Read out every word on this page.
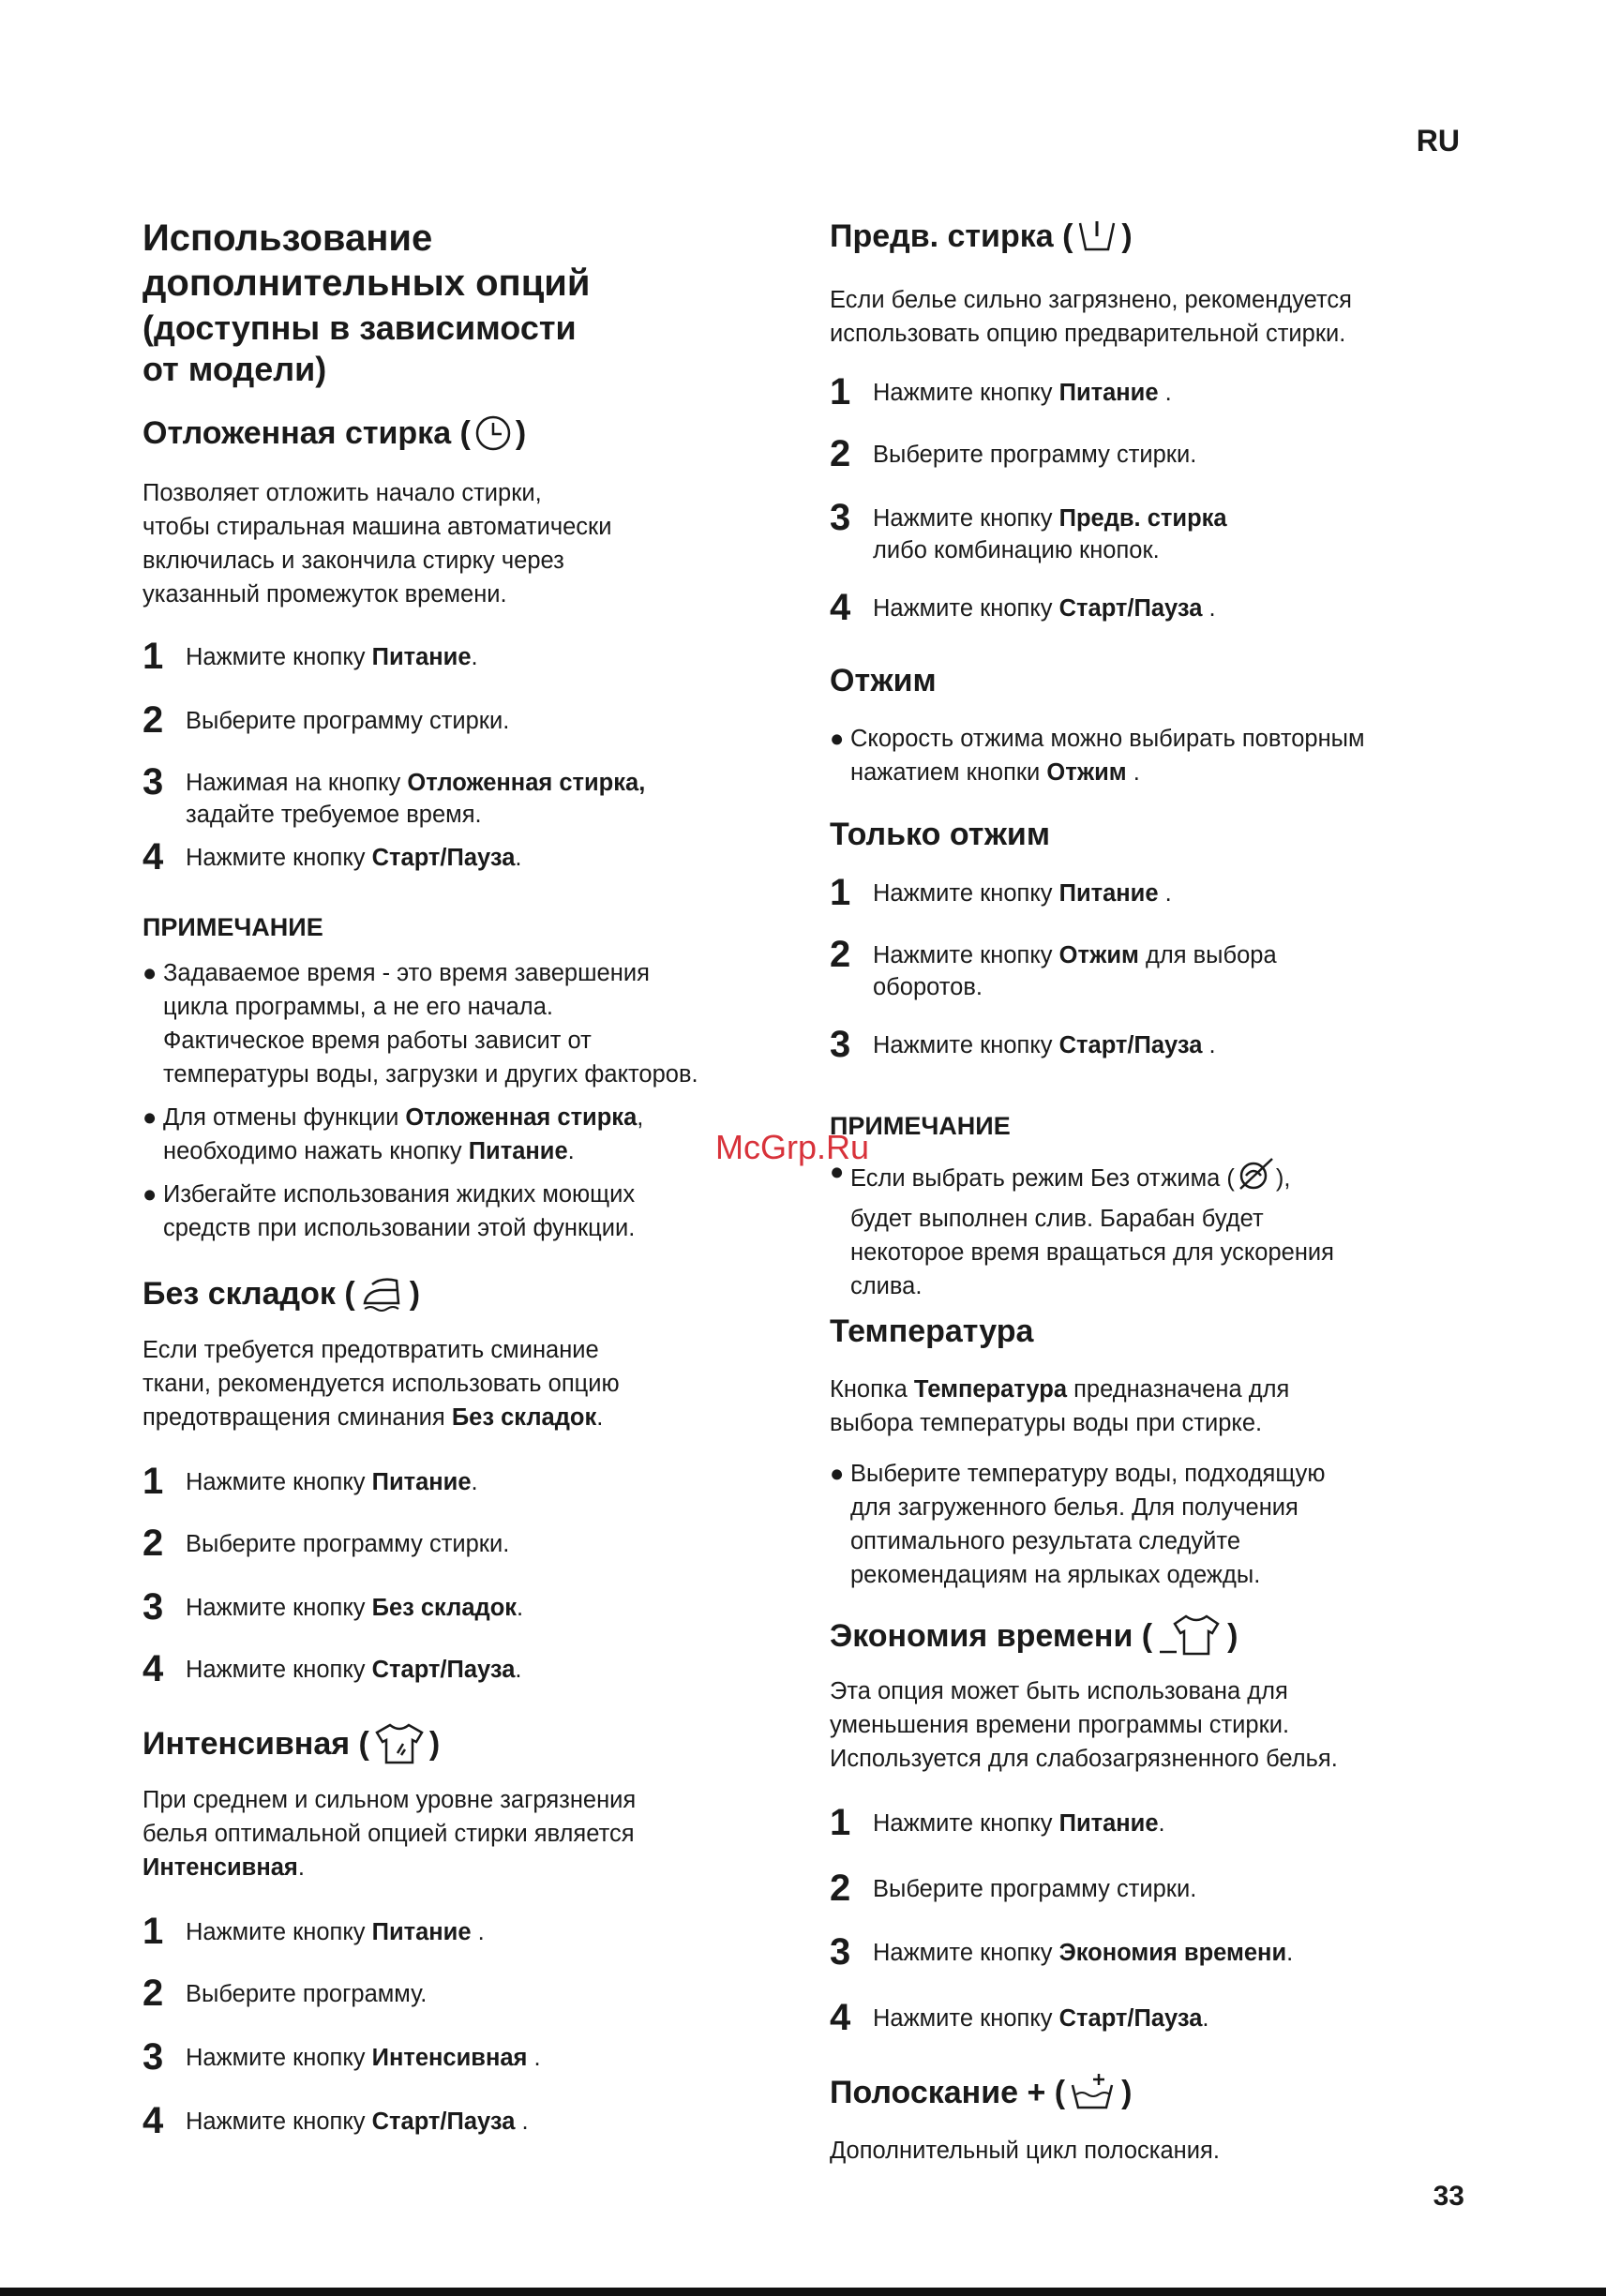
RU
33
McGrp.Ru
Использование
дополнительных опций
(доступны в зависимости
от модели)
Отложенная стирка ( )
Позволяет отложить начало стирки,
чтобы стиральная машина автоматически
включилась и закончила стирку через
указанный промежуток времени.
1 Нажмите кнопку Питание.
2 Выберите программу стирки.
3 Нажимая на кнопку Отложенная стирка,
задайте требуемое время.
4 Нажмите кнопку Старт/Пауза.
ПРИМЕЧАНИЕ
● Задаваемое время - это время завершения
цикла программы, а не его начала.
Фактическое время работы зависит от
температуры воды, загрузки и других факторов.
● Для отмены функции Отложенная стирка,
необходимо нажать кнопку Питание.
● Избегайте использования жидких моющих
средств при использовании этой функции.
Без складок ( )
Если требуется предотвратить сминание
ткани, рекомендуется использовать опцию
предотвращения сминания Без складок.
1 Нажмите кнопку Питание.
2 Выберите программу стирки.
3 Нажмите кнопку Без складок.
4 Нажмите кнопку Старт/Пауза.
Интенсивная ( )
При среднем и сильном уровне загрязнения
белья оптимальной опцией стирки является
Интенсивная.
1 Нажмите кнопку Питание .
2 Выберите программу.
3 Нажмите кнопку Интенсивная .
4 Нажмите кнопку Старт/Пауза .
Предв. стирка ( )
Если белье сильно загрязнено, рекомендуется
использовать опцию предварительной стирки.
1 Нажмите кнопку Питание .
2 Выберите программу стирки.
3 Нажмите кнопку Предв. стирка
либо комбинацию кнопок.
4 Нажмите кнопку Старт/Пауза .
Отжим
● Скорость отжима можно выбирать повторным
нажатием кнопки Отжим .
Только отжим
1 Нажмите кнопку Питание .
2 Нажмите кнопку Отжим для выбора
оборотов.
3 Нажмите кнопку Старт/Пауза .
ПРИМЕЧАНИЕ
● Если выбрать режим Без отжима ( ),
будет выполнен слив. Барабан будет
некоторое время вращаться для ускорения
слива.
Температура
Кнопка Температура предназначена для
выбора температуры воды при стирке.
● Выберите температуру воды, подходящую
для загруженного белья. Для получения
оптимального результата следуйте
рекомендациям на ярлыках одежды.
Экономия времени ( )
Эта опция может быть использована для
уменьшения времени программы стирки.
Используется для слабозагрязненного белья.
1 Нажмите кнопку Питание.
2 Выберите программу стирки.
3 Нажмите кнопку Экономия времени.
4 Нажмите кнопку Старт/Пауза.
Полоскание + ( )
Дополнительный цикл полоскания.
